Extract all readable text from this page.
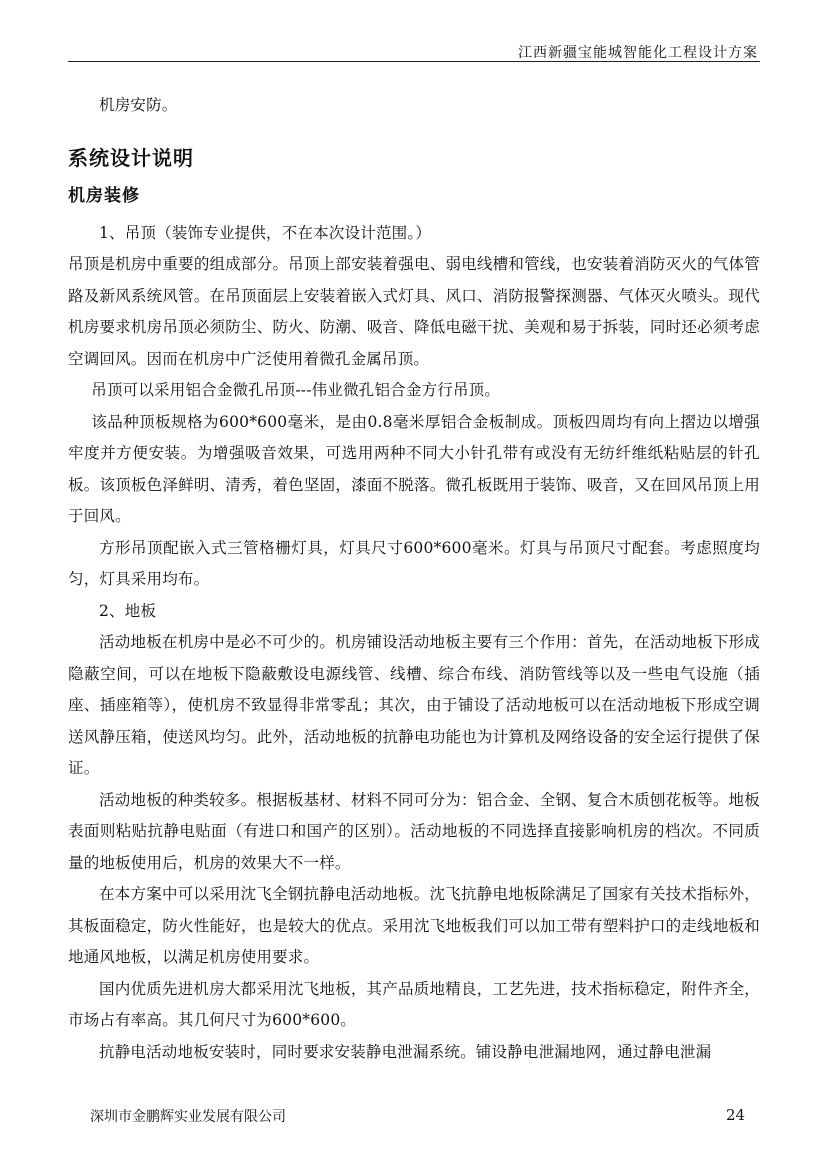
江西新疆宝能城智能化工程设计方案

机房安防。

系统设计说明
机房装修

1、吊顶（装饰专业提供，不在本次设计范围。）

吊顶是机房中重要的组成部分。吊顶上部安装着强电、弱电线槽和管线，也安装着消防灭火的气体管路及新风系统风管。在吊顶面层上安装着嵌入式灯具、风口、消防报警探测器、气体灭火喷头。现代机房要求机房吊顶必须防尘、防火、防潮、吸音、降低电磁干扰、美观和易于拆装，同时还必须考虑空调回风。因而在机房中广泛使用着微孔金属吊顶。

吊顶可以采用铝合金微孔吊顶---伟业微孔铝合金方行吊顶。

该品种顶板规格为600*600毫米，是由0.8毫米厚铝合金板制成。顶板四周均有向上摺边以增强牢度并方便安装。为增强吸音效果，可选用两种不同大小针孔带有或没有无纺纤维纸粘贴层的针孔板。该顶板色泽鲜明、清秀，着色坚固，漆面不脱落。微孔板既用于装饰、吸音，又在回风吊顶上用于回风。

方形吊顶配嵌入式三管格栅灯具，灯具尺寸600*600毫米。灯具与吊顶尺寸配套。考虑照度均匀，灯具采用均布。

2、地板

活动地板在机房中是必不可少的。机房铺设活动地板主要有三个作用：首先，在活动地板下形成隐蔽空间，可以在地板下隐蔽敷设电源线管、线槽、综合布线、消防管线等以及一些电气设施（插座、插座箱等），使机房不致显得非常零乱；其次，由于铺设了活动地板可以在活动地板下形成空调送风静压箱，使送风均匀。此外，活动地板的抗静电功能也为计算机及网络设备的安全运行提供了保证。

活动地板的种类较多。根据板基材、材料不同可分为：铝合金、全钢、复合木质刨花板等。地板表面则粘贴抗静电贴面（有进口和国产的区别）。活动地板的不同选择直接影响机房的档次。不同质量的地板使用后，机房的效果大不一样。

在本方案中可以采用沈飞全钢抗静电活动地板。沈飞抗静电地板除满足了国家有关技术指标外，其板面稳定，防火性能好，也是较大的优点。采用沈飞地板我们可以加工带有塑料护口的走线地板和地通风地板，以满足机房使用要求。

国内优质先进机房大都采用沈飞地板，其产品质地精良，工艺先进，技术指标稳定，附件齐全，市场占有率高。其几何尺寸为600*600。

抗静电活动地板安装时，同时要求安装静电泄漏系统。铺设静电泄漏地网，通过静电泄漏

深圳市金鹏辉实业发展有限公司	24
